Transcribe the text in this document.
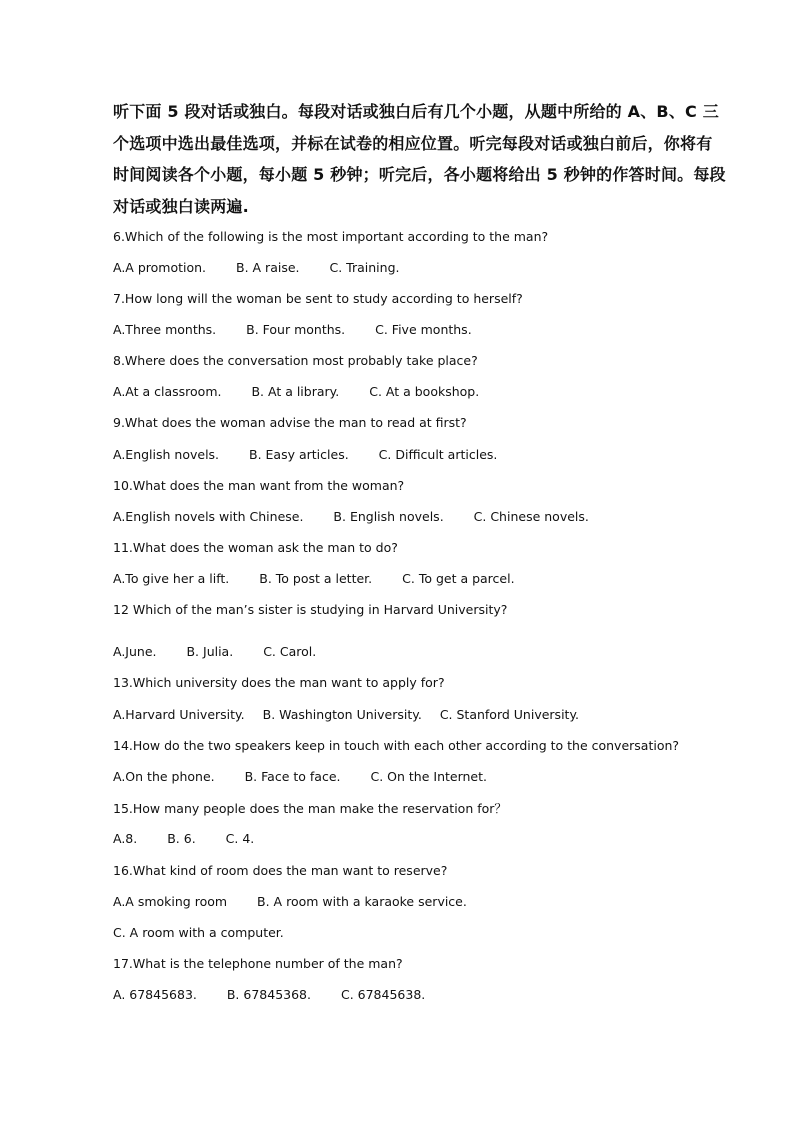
听下面 5 段对话或独白。每段对话或独白后有几个小题，从题中所给的 A、B、C 三
个选项中选出最佳选项，并标在试卷的相应位置。听完每段对话或独白前后，你将有
时间阅读各个小题，每小题 5 秒钟；听完后，各小题将给出 5 秒钟的作答时间。每段
对话或独白读两遍.
6.Which of the following is the most important according to the man?
A.A promotion. B. A raise. C. Training.
7.How long will the woman be sent to study according to herself?
A.Three months. B. Four months. C. Five months.
8.Where does the conversation most probably take place?
A.At a classroom. B. At a library. C. At a bookshop.
9.What does the woman advise the man to read at first?
A.English novels. B. Easy articles. C. Difficult articles.
10.What does the man want from the woman?
A.English novels with Chinese. B. English novels. C. Chinese novels.
11.What does the woman ask the man to do?
A.To give her a lift. B. To post a letter. C. To get a parcel.
12 Which of the man’s sister is studying in Harvard University?
A.June. B. Julia. C. Carol.
13.Which university does the man want to apply for?
A.Harvard University. B. Washington University. C. Stanford University.
14.How do the two speakers keep in touch with each other according to the conversation?
A.On the phone. B. Face to face. C. On the Internet.
15.How many people does the man make the reservation for？
A.8. B. 6. C. 4.
16.What kind of room does the man want to reserve?
A.A smoking room B. A room with a karaoke service.
C. A room with a computer.
17.What is the telephone number of the man?
A. 67845683. B. 67845368. C. 67845638.
